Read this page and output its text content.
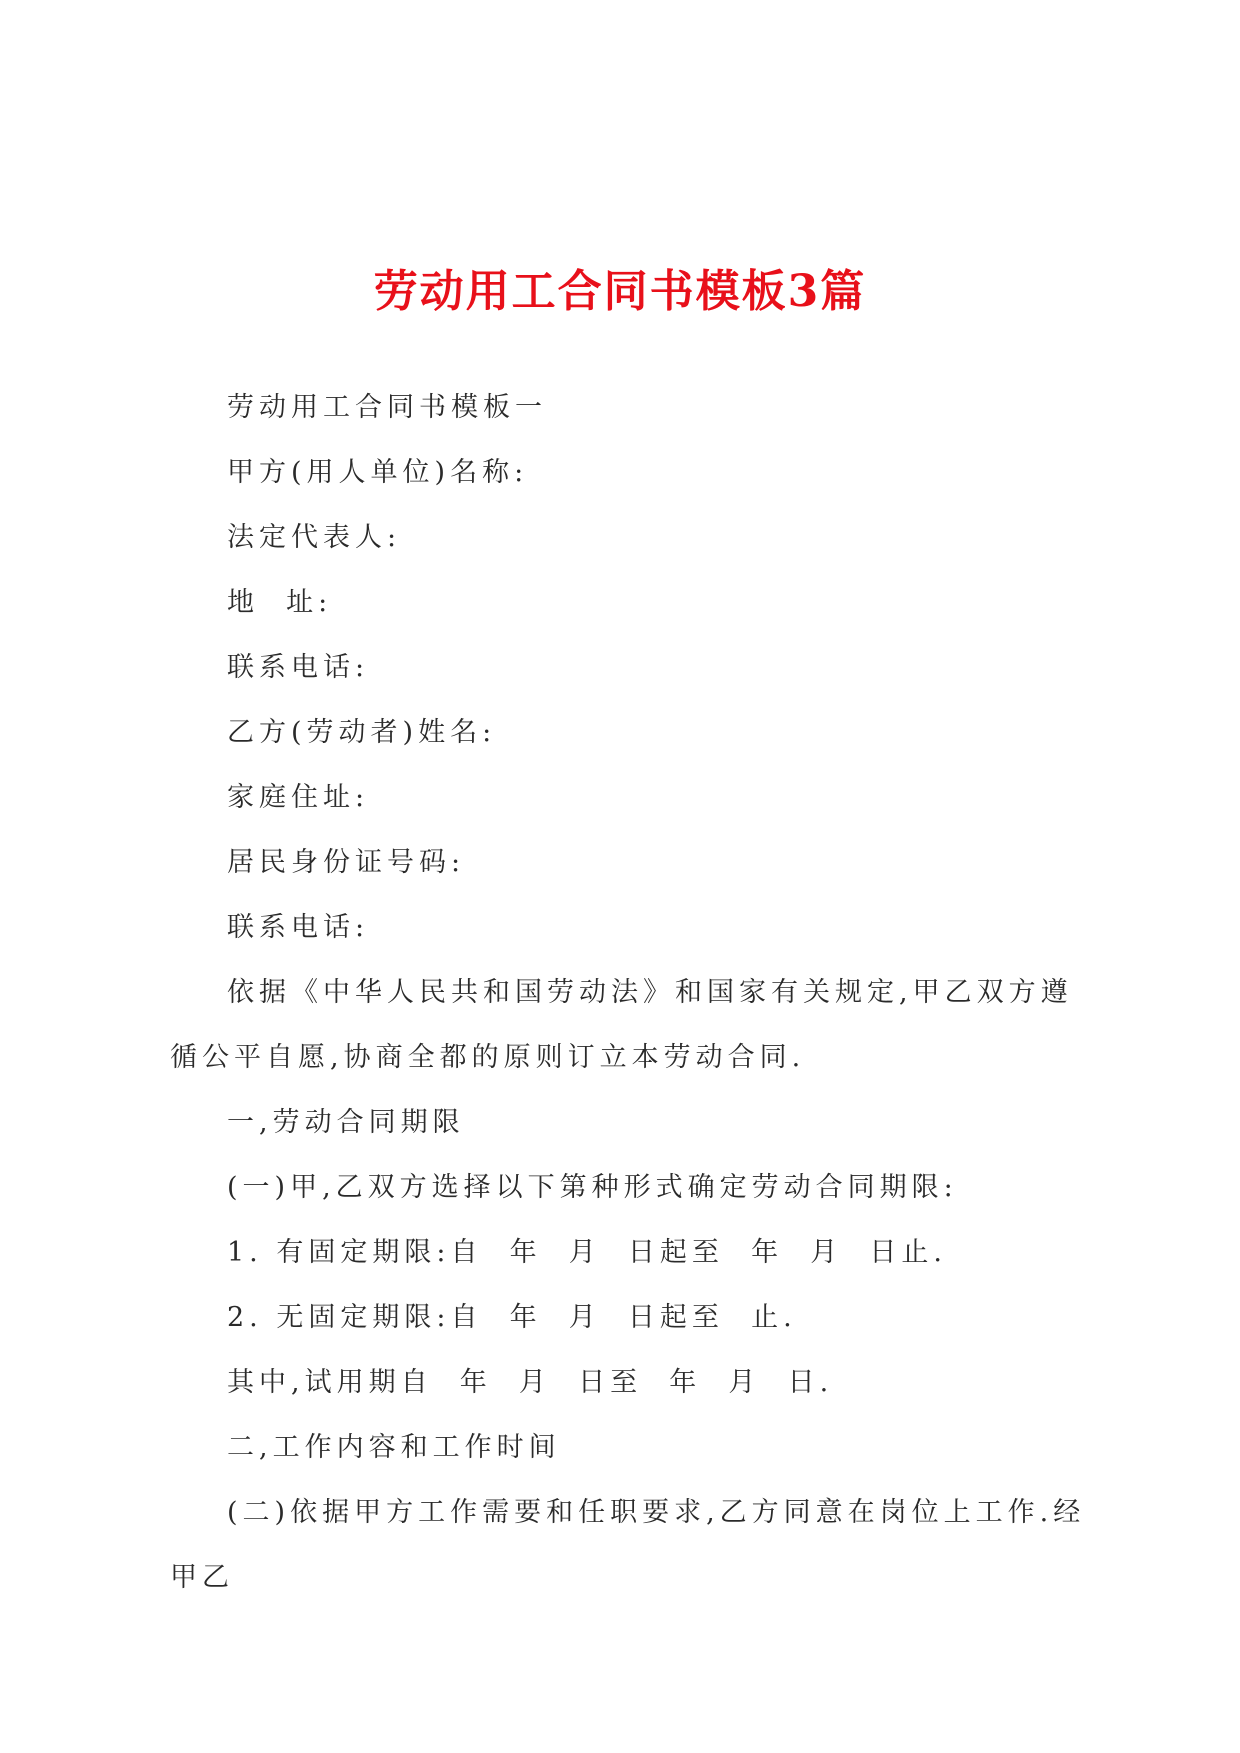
劳动用工合同书模板3篇

劳动用工合同书模板一

甲方(用人单位)名称:

法定代表人:

地  址:

联系电话:

乙方(劳动者)姓名:

家庭住址:

居民身份证号码:

联系电话:

依据《中华人民共和国劳动法》和国家有关规定,甲乙双方遵循公平自愿,协商全都的原则订立本劳动合同.

一,劳动合同期限

(一)甲,乙双方选择以下第种形式确定劳动合同期限:

1. 有固定期限:自  年  月  日起至  年  月  日止.

2. 无固定期限:自  年  月  日起至  止.

其中,试用期自  年  月  日至  年  月  日.

二,工作内容和工作时间

(二)依据甲方工作需要和任职要求,乙方同意在岗位上工作.经甲乙
